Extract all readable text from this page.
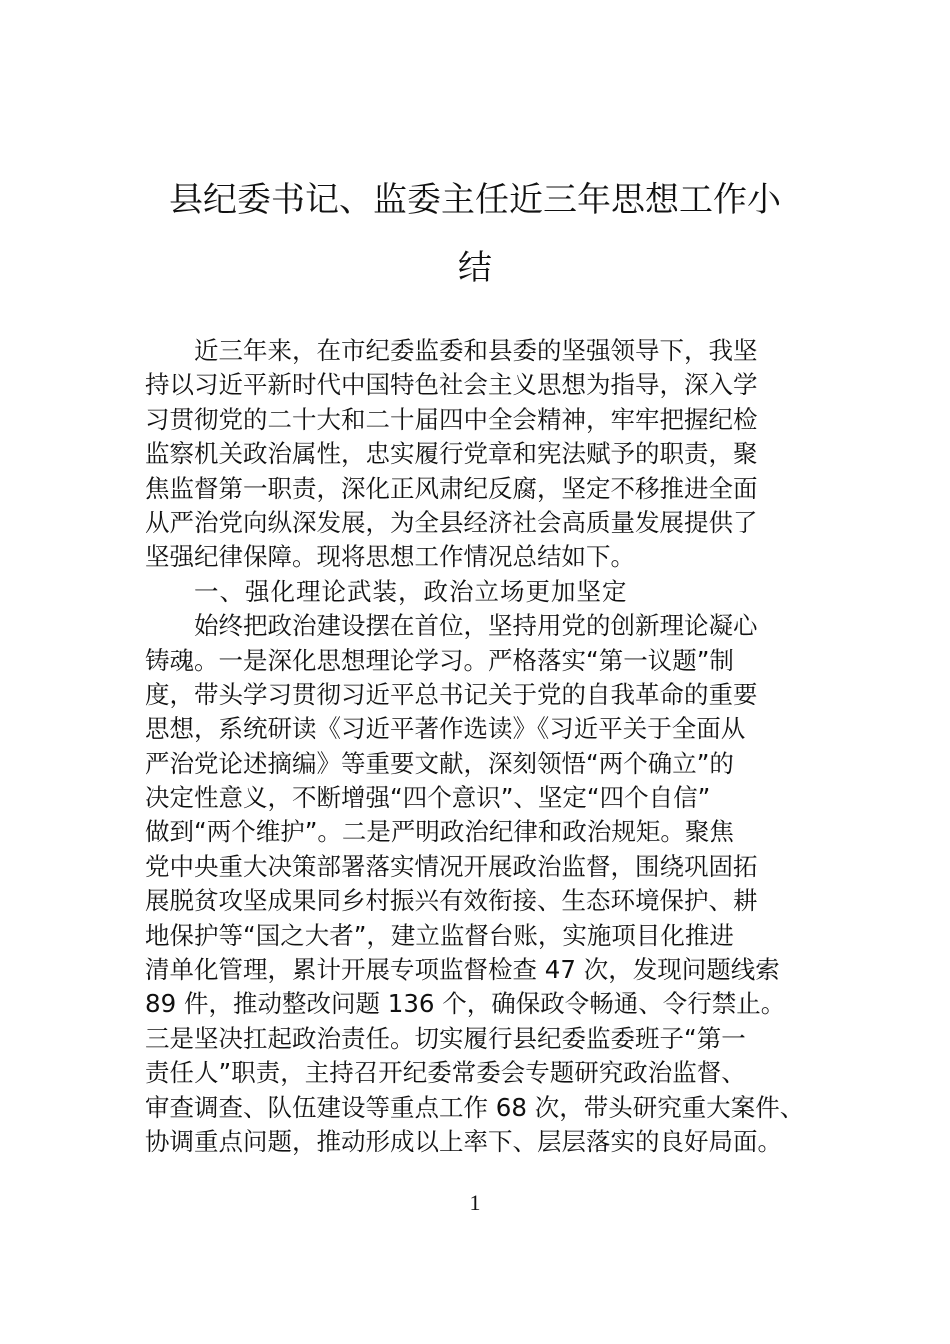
县纪委书记、监委主任近三年思想工作小
结
近三年来，在市纪委监委和县委的坚强领导下，我坚
持以习近平新时代中国特色社会主义思想为指导，深入学
习贯彻党的二十大和二十届四中全会精神，牢牢把握纪检
监察机关政治属性，忠实履行党章和宪法赋予的职责，聚
焦监督第一职责，深化正风肃纪反腐，坚定不移推进全面
从严治党向纵深发展，为全县经济社会高质量发展提供了
坚强纪律保障。现将思想工作情况总结如下。
一、强化理论武装，政治立场更加坚定
始终把政治建设摆在首位，坚持用党的创新理论凝心
铸魂。一是深化思想理论学习。严格落实“第一议题”制
度，带头学习贯彻习近平总书记关于党的自我革命的重要
思想，系统研读《习近平著作选读》《习近平关于全面从
严治党论述摘编》等重要文献，深刻领悟“两个确立”的
决定性意义，不断增强“四个意识”、坚定“四个自信”
做到“两个维护”。二是严明政治纪律和政治规矩。聚焦
党中央重大决策部署落实情况开展政治监督，围绕巩固拓
展脱贫攻坚成果同乡村振兴有效衔接、生态环境保护、耕
地保护等“国之大者”，建立监督台账，实施项目化推进
清单化管理，累计开展专项监督检查 47 次，发现问题线索
89 件，推动整改问题 136 个，确保政令畅通、令行禁止。
三是坚决扛起政治责任。切实履行县纪委监委班子“第一
责任人”职责，主持召开纪委常委会专题研究政治监督、
审查调查、队伍建设等重点工作 68 次，带头研究重大案件、
协调重点问题，推动形成以上率下、层层落实的良好局面。
1
